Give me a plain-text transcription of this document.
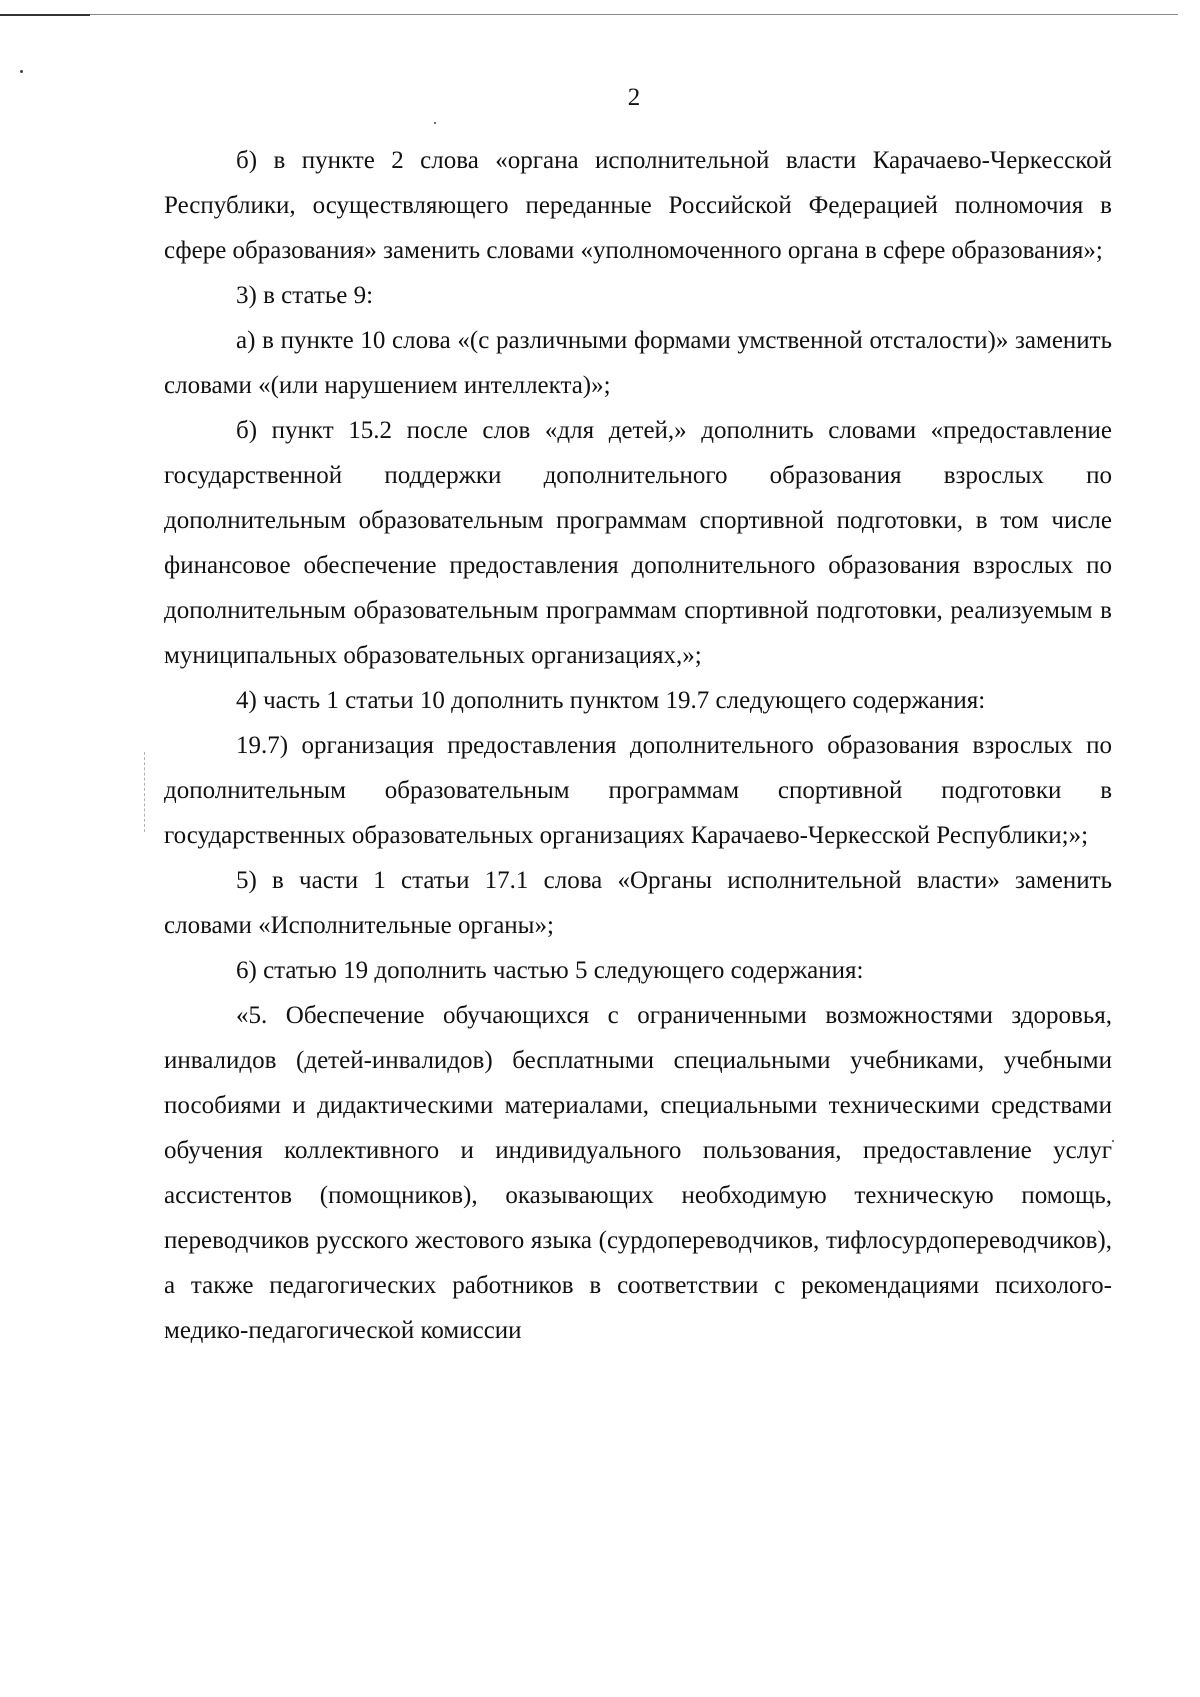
2

б) в пункте 2 слова «органа исполнительной власти Карачаево-Черкесской Республики, осуществляющего переданные Российской Федерацией полномочия в сфере образования» заменить словами «уполномоченного органа в сфере образования»;

3) в статье 9:

а) в пункте 10 слова «(с различными формами умственной отсталости)» заменить словами «(или нарушением интеллекта)»;

б) пункт 15.2 после слов «для детей,» дополнить словами «предоставление государственной поддержки дополнительного образования взрослых по дополнительным образовательным программам спортивной подготовки, в том числе финансовое обеспечение предоставления дополнительного образования взрослых по дополнительным образовательным программам спортивной подготовки, реализуемым в муниципальных образовательных организациях,»;

4) часть 1 статьи 10 дополнить пунктом 19.7 следующего содержания:

19.7) организация предоставления дополнительного образования взрослых по дополнительным образовательным программам спортивной подготовки в государственных образовательных организациях Карачаево-Черкесской Республики;»;

5) в части 1 статьи 17.1 слова «Органы исполнительной власти» заменить словами «Исполнительные органы»;

6) статью 19 дополнить частью 5 следующего содержания:

«5. Обеспечение обучающихся с ограниченными возможностями здоровья, инвалидов (детей-инвалидов) бесплатными специальными учебниками, учебными пособиями и дидактическими материалами, специальными техническими средствами обучения коллективного и индивидуального пользования, предоставление услуг ассистентов (помощников), оказывающих необходимую техническую помощь, переводчиков русского жестового языка (сурдопереводчиков, тифлосурдопереводчиков), а также педагогических работников в соответствии с рекомендациями психолого-медико-педагогической комиссии
